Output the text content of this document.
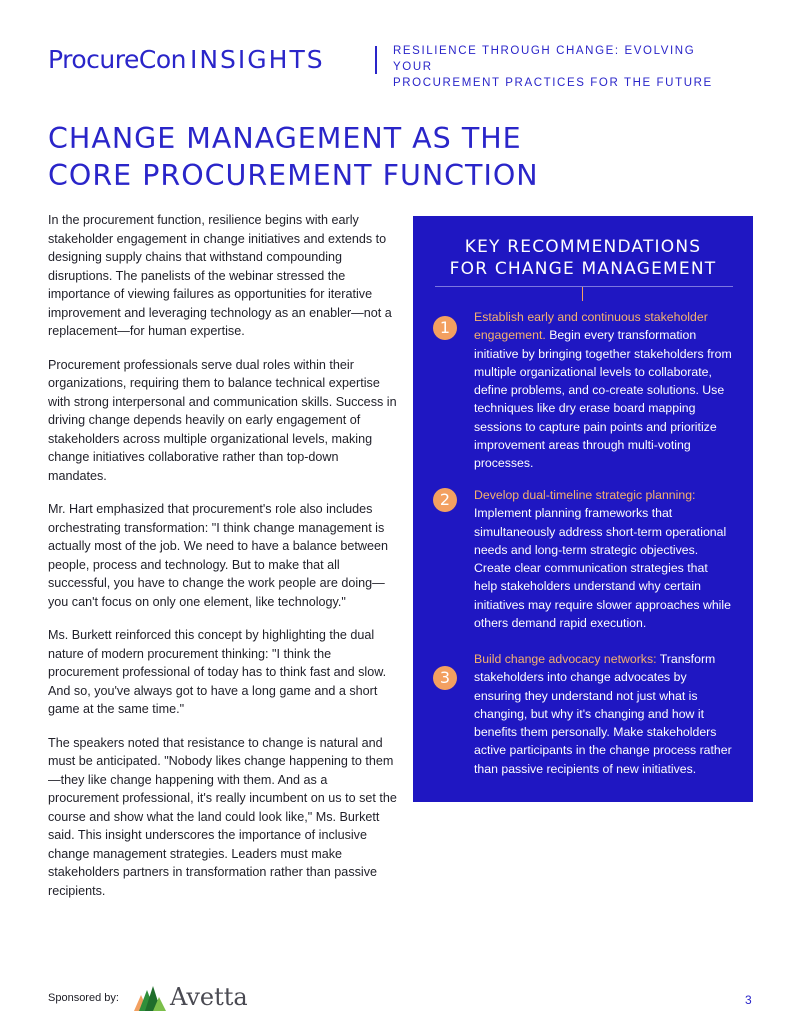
ProcureCon INSIGHTS	RESILIENCE THROUGH CHANGE: EVOLVING YOUR
PROCUREMENT PRACTICES FOR THE FUTURE
CHANGE MANAGEMENT AS THE
CORE PROCUREMENT FUNCTION

In the procurement function, resilience begins with early stakeholder engagement in change initiatives and extends to designing supply chains that withstand compounding disruptions. The panelists of the webinar stressed the importance of viewing failures as opportunities for iterative improvement and leveraging technology as an enabler—not a replacement—for human expertise.

Procurement professionals serve dual roles within their organizations, requiring them to balance technical expertise with strong interpersonal and communication skills. Success in driving change depends heavily on early engagement of stakeholders across multiple organizational levels, making change initiatives collaborative rather than top-down mandates.

Mr. Hart emphasized that procurement's role also includes orchestrating transformation: "I think change management is actually most of the job. We need to have a balance between people, process and technology. But to make that all successful, you have to change the work people are doing—you can't focus on only one element, like technology."

Ms. Burkett reinforced this concept by highlighting the dual nature of modern procurement thinking: "I think the procurement professional of today has to think fast and slow. And so, you've always got to have a long game and a short game at the same time."

The speakers noted that resistance to change is natural and must be anticipated. "Nobody likes change happening to them—they like change happening with them. And as a procurement professional, it's really incumbent on us to set the course and show what the land could look like," Ms. Burkett said. This insight underscores the importance of inclusive change management strategies. Leaders must make stakeholders partners in transformation rather than passive recipients.

KEY RECOMMENDATIONS
FOR CHANGE MANAGEMENT
1
Establish early and continuous stakeholder engagement. Begin every transformation initiative by bringing together stakeholders from multiple organizational levels to collaborate, define problems, and co-create solutions. Use techniques like dry erase board mapping sessions to capture pain points and prioritize improvement areas through multi-voting processes.
2	Develop dual-timeline strategic planning: Implement planning frameworks that simultaneously address short-term operational needs and long-term strategic objectives. Create clear communication strategies that help stakeholders understand why certain initiatives may require slower approaches while others demand rapid execution.
3
Build change advocacy networks: Transform stakeholders into change advocates by ensuring they understand not just what is changing, but why it's changing and how it benefits them personally. Make stakeholders active participants in the change process rather than passive recipients of new initiatives.
Sponsored by: Avetta	3
